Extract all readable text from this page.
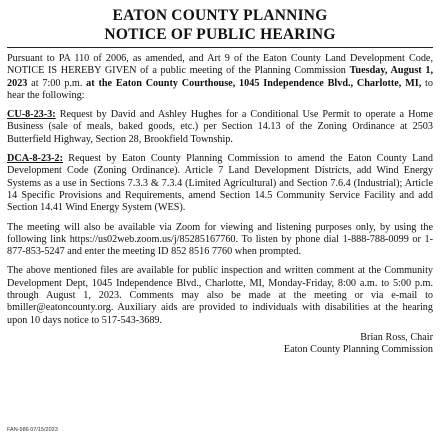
EATON COUNTY PLANNING
NOTICE OF PUBLIC HEARING

Pursuant to PA 110 of 2006, as amended, and Art 9 of the Eaton County Land Development Code, NOTICE IS HEREBY GIVEN of a public meeting of the Planning Commission Tuesday, August 1, 2023 at 7:00 p.m. at the Eaton County Courthouse, 1045 Independence Blvd., Charlotte, MI, to hear the following:

CU-8-23-3: Request by David and Ashley Hughes for a Conditional Use Permit to operate a Home Business (sale of meals, baked goods, etc.) per Section 14.13 of the Zoning Ordinance at 2503 Butterfield Highway, Section 28, Brookfield Township.

DCA-8-23-2: Request by Eaton County Planning Commission to amend the Eaton County Land Development Code (Zoning Ordinance). Article 7 Land Development Districts, add Wind Energy Systems as a use in Sections 7.3.3 & 7.3.4 (Limited Agricultural) and Section 7.6.4 (Industrial); Article 14 Specific Provisions and Requirements, amend Section 14.5 Community Service Facility and add Section 14.41 Wind Energy System (WES).

The meeting will also be available via Zoom for viewing and listening purposes only, by using the following link https://us02web.zoom.us/j/85285167760. To listen by phone dial 1-888-788-0099 or 1-877-853-5247 and enter the meeting ID 852 8516 7760 when prompted.

The above mentioned files are available for public inspection and written comment at the Community Development Dept, 1045 Independence Blvd., Charlotte, MI, Monday-Friday, 8:00 a.m. to 5:00 p.m. through August 1, 2023. Comments may also be made at the meeting or via e-mail to bmiller@eatoncounty.org. Auxiliary aids are provided to individuals with disabilities at the hearing upon 10 days notice to 517-543-3689.

Brian Ross, Chair
Eaton County Planning Commission
FAN-986 07/15/2023
